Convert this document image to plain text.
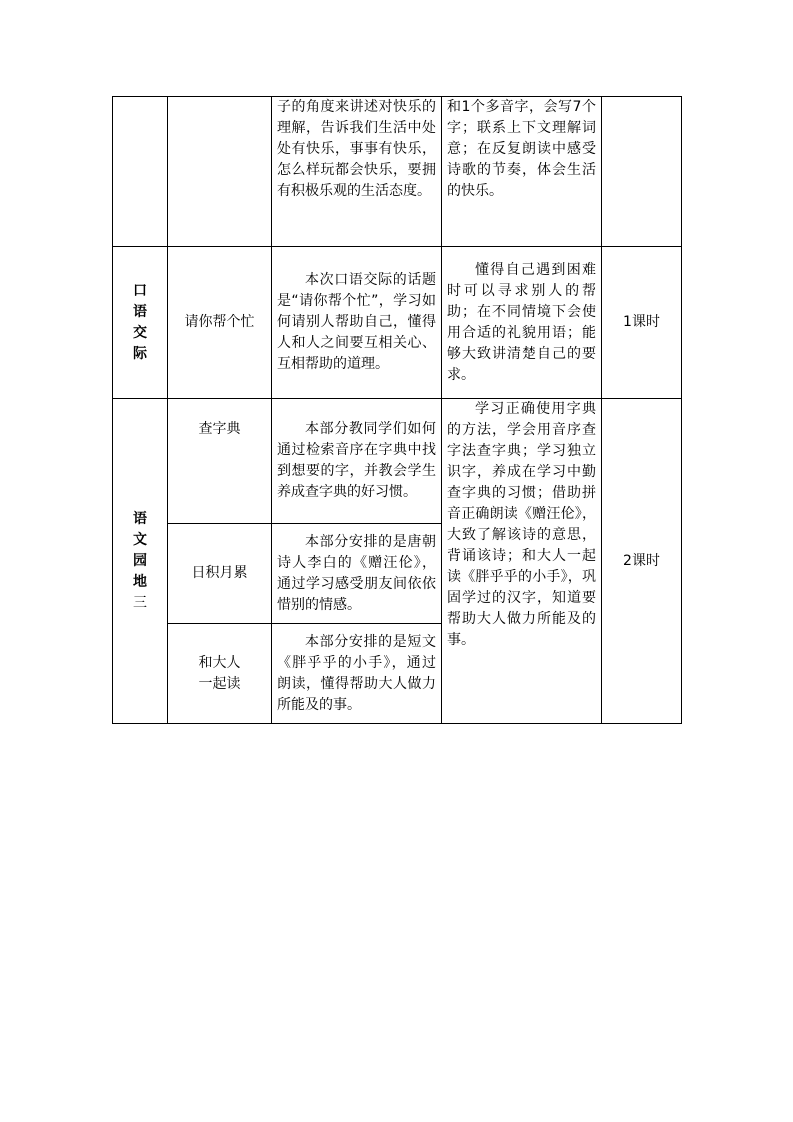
		子的角度来讲述对快乐的理解，告诉我们生活中处处有快乐，事事有快乐，怎么样玩都会快乐，要拥有积极乐观的生活态度。	和1个多音字，会写7个字；联系上下文理解词意；在反复朗读中感受诗歌的节奏，体会生活的快乐。	

口
语
交
际	请你帮个忙	本次口语交际的话题是“请你帮个忙”，学习如何请别人帮助自己，懂得人和人之间要互相关心、互相帮助的道理。	懂得自己遇到困难时可以寻求别人的帮助；在不同情境下会使用合适的礼貌用语；能够大致讲清楚自己的要求。	1课时

语
文
园
地
三	查字典	本部分教同学们如何通过检索音序在字典中找到想要的字，并教会学生养成查字典的好习惯。	学习正确使用字典的方法，学会用音序查字法查字典；学习独立识字，养成在学习中勤查字典的习惯；借助拼音正确朗读《赠汪伦》，大致了解该诗的意思，背诵该诗；和大人一起读《胖乎乎的小手》，巩固学过的汉字，知道要帮助大人做力所能及的事。	2课时
	日积月累	本部分安排的是唐朝诗人李白的《赠汪伦》，通过学习感受朋友间依依惜别的情感。		

	和大人
一起读	本部分安排的是短文《胖乎乎的小手》，通过朗读，懂得帮助大人做力所能及的事。		
